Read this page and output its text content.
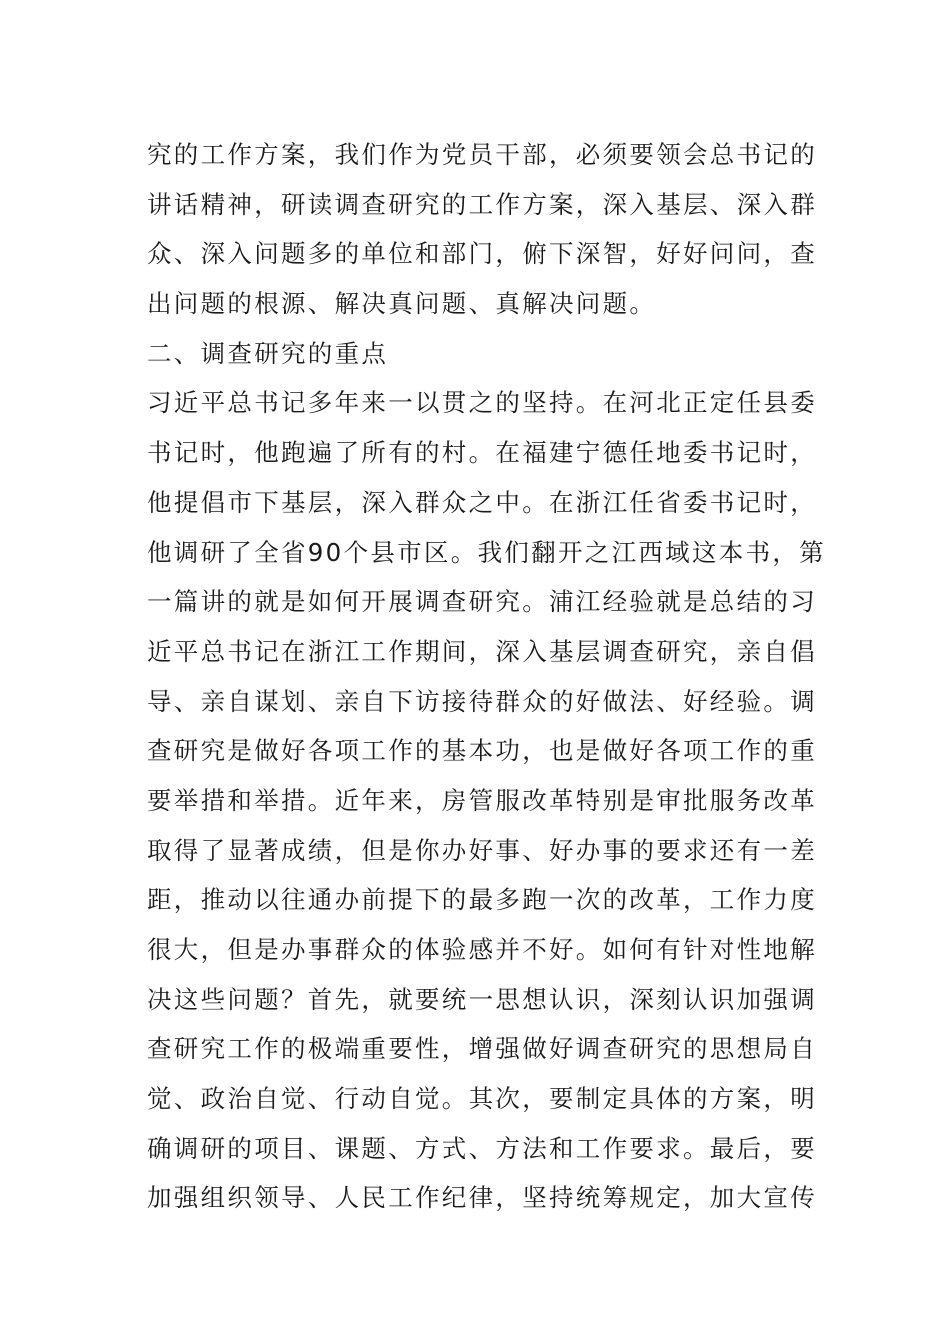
究的工作方案，我们作为党员干部，必须要领会总书记的
讲话精神，研读调查研究的工作方案，深入基层、深入群
众、深入问题多的单位和部门，俯下深智，好好问问，查
出问题的根源、解决真问题、真解决问题。
二、调查研究的重点
习近平总书记多年来一以贯之的坚持。在河北正定任县委
书记时，他跑遍了所有的村。在福建宁德任地委书记时，
他提倡市下基层，深入群众之中。在浙江任省委书记时，
他调研了全省90个县市区。我们翻开之江西域这本书，第
一篇讲的就是如何开展调查研究。浦江经验就是总结的习
近平总书记在浙江工作期间，深入基层调查研究，亲自倡
导、亲自谋划、亲自下访接待群众的好做法、好经验。调
查研究是做好各项工作的基本功，也是做好各项工作的重
要举措和举措。近年来，房管服改革特别是审批服务改革
取得了显著成绩，但是你办好事、好办事的要求还有一差
距，推动以往通办前提下的最多跑一次的改革，工作力度
很大，但是办事群众的体验感并不好。如何有针对性地解
决这些问题？首先，就要统一思想认识，深刻认识加强调
查研究工作的极端重要性，增强做好调查研究的思想局自
觉、政治自觉、行动自觉。其次，要制定具体的方案，明
确调研的项目、课题、方式、方法和工作要求。最后，要
加强组织领导、人民工作纪律，坚持统筹规定，加大宣传
